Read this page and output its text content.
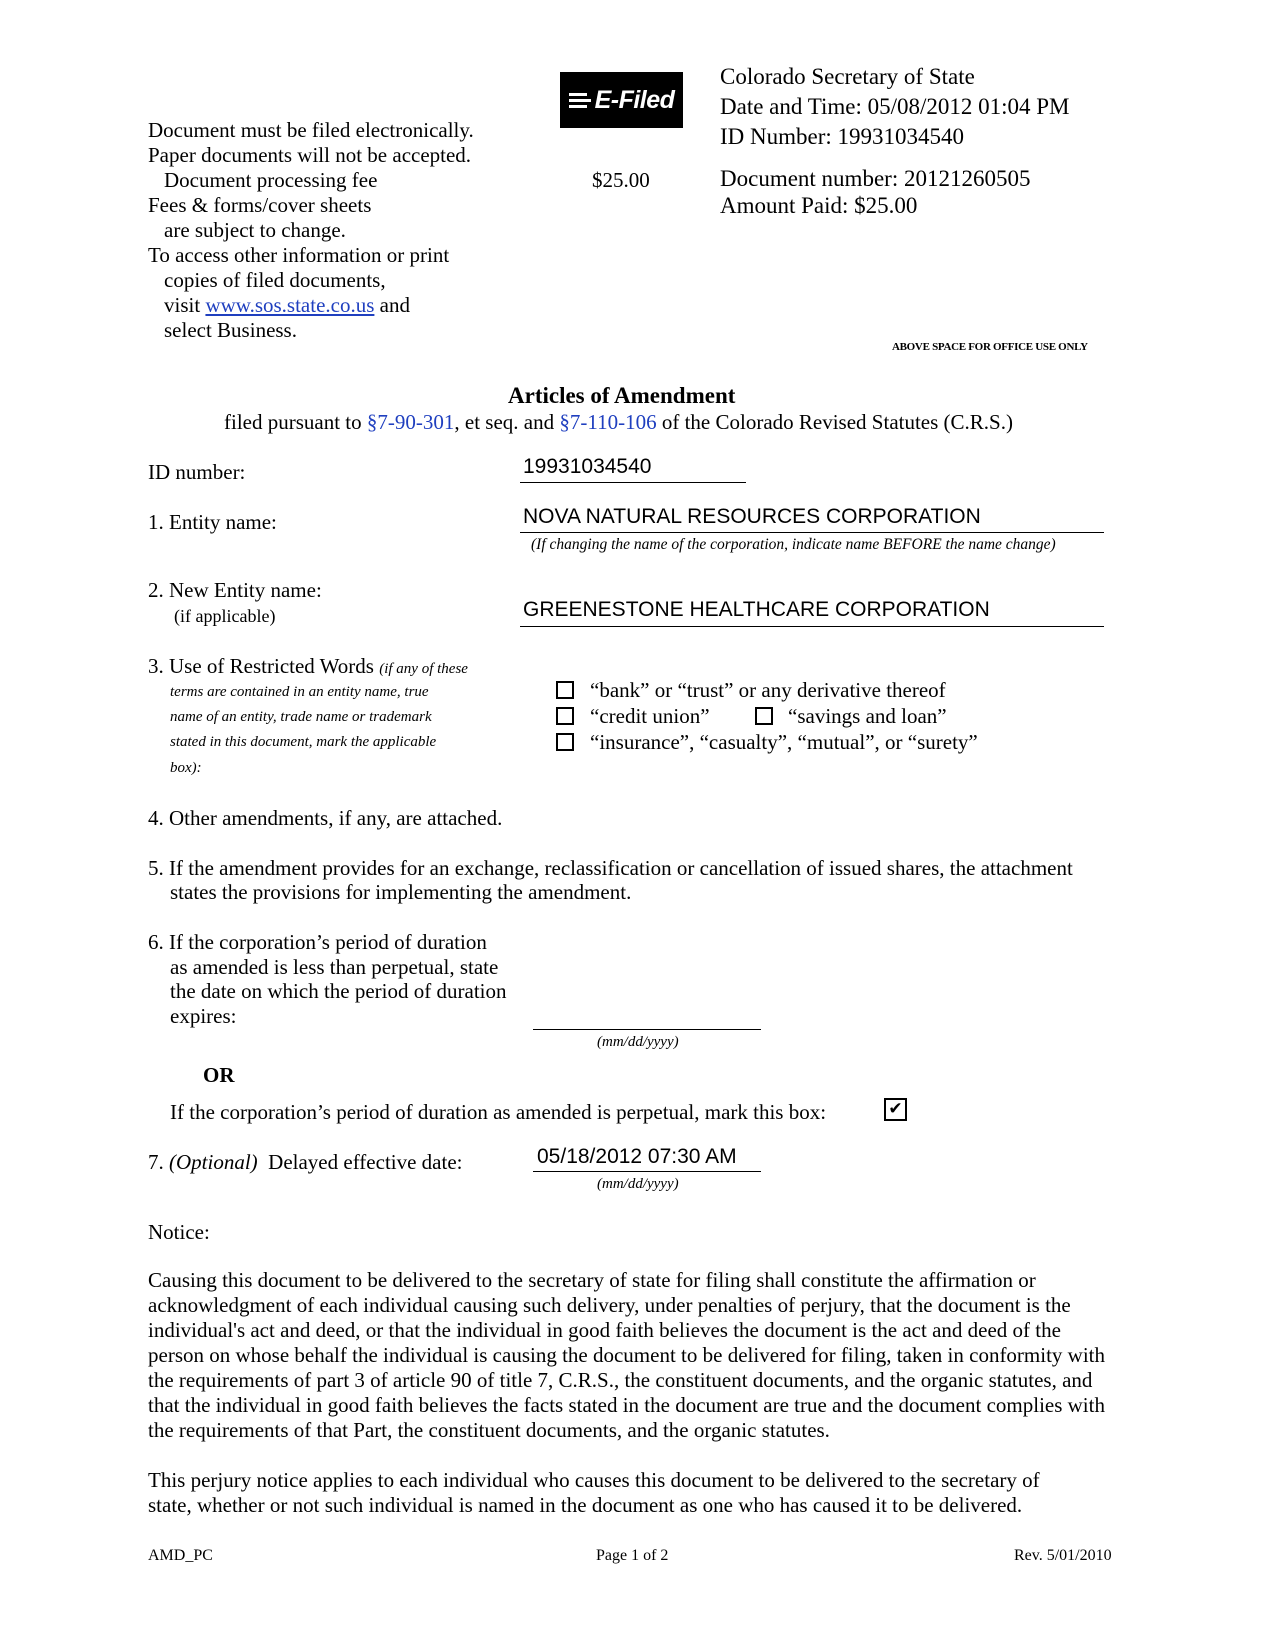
Document must be filed electronically.
Paper documents will not be accepted.
Document processing fee
Fees & forms/cover sheets
are subject to change.
To access other information or print
copies of filed documents,
visit www.sos.state.co.us and
select Business.
E-Filed
$25.00
Colorado Secretary of State
Date and Time: 05/08/2012 01:04 PM
ID Number: 19931034540
Document number: 20121260505
Amount Paid: $25.00
ABOVE SPACE FOR OFFICE USE ONLY
Articles of Amendment
filed pursuant to §7-90-301, et seq. and §7-110-106 of the Colorado Revised Statutes (C.R.S.)
ID number:	19931034540
1. Entity name:	NOVA NATURAL RESOURCES CORPORATION
(If changing the name of the corporation, indicate name BEFORE the name change)
2. New Entity name:
(if applicable)	GREENESTONE HEALTHCARE CORPORATION
3. Use of Restricted Words (if any of these
terms are contained in an entity name, true
name of an entity, trade name or trademark
stated in this document, mark the applicable
box):
“bank” or “trust” or any derivative thereof
“credit union”	“savings and loan”
“insurance”, “casualty”, “mutual”, or “surety”
4. Other amendments, if any, are attached.
5. If the amendment provides for an exchange, reclassification or cancellation of issued shares, the attachment
states the provisions for implementing the amendment.
6. If the corporation’s period of duration
as amended is less than perpetual, state
the date on which the period of duration
expires:
(mm/dd/yyyy)
OR
If the corporation’s period of duration as amended is perpetual, mark this box:	✔
7. (Optional) Delayed effective date:	05/18/2012 07:30 AM
(mm/dd/yyyy)
Notice:

Causing this document to be delivered to the secretary of state for filing shall constitute the affirmation or acknowledgment of each individual causing such delivery, under penalties of perjury, that the document is the individual's act and deed, or that the individual in good faith believes the document is the act and deed of the person on whose behalf the individual is causing the document to be delivered for filing, taken in conformity with the requirements of part 3 of article 90 of title 7, C.R.S., the constituent documents, and the organic statutes, and that the individual in good faith believes the facts stated in the document are true and the document complies with the requirements of that Part, the constituent documents, and the organic statutes.

This perjury notice applies to each individual who causes this document to be delivered to the secretary of state, whether or not such individual is named in the document as one who has caused it to be delivered.

AMD_PC	Page 1 of 2	Rev. 5/01/2010
